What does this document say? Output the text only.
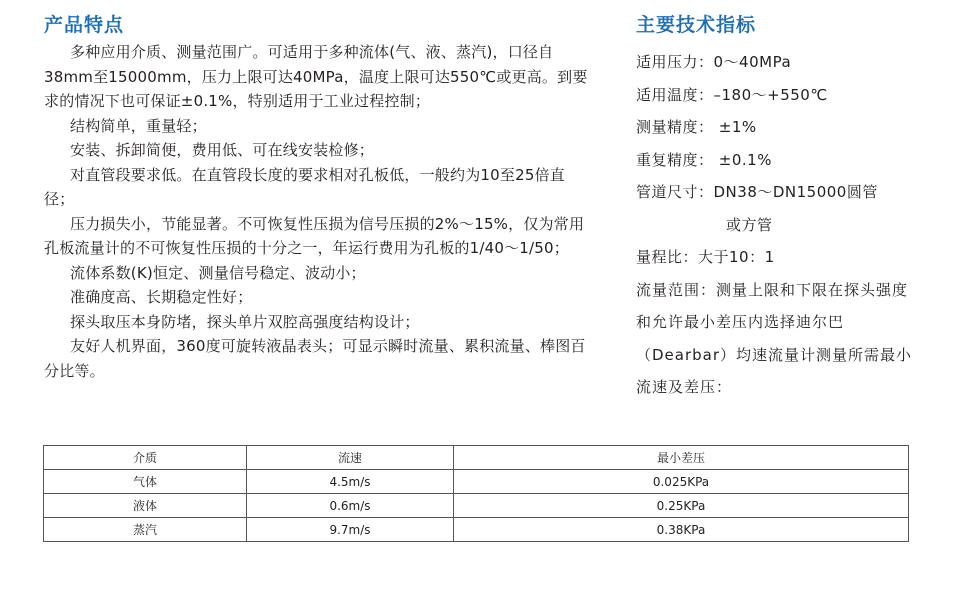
产品特点

多种应用介质、测量范围广。可适用于多种流体(气、液、蒸汽)，口径自38mm至15000mm，压力上限可达40MPa，温度上限可达550℃或更高。到要求的情况下也可保证±0.1%，特别适用于工业过程控制；

结构简单，重量轻；

安装、拆卸简便，费用低、可在线安装检修；

对直管段要求低。在直管段长度的要求相对孔板低，一般约为10至25倍直径；

压力损失小，节能显著。不可恢复性压损为信号压损的2%～15%，仅为常用孔板流量计的不可恢复性压损的十分之一，年运行费用为孔板的1/40～1/50；

流体系数(K)恒定、测量信号稳定、波动小；

准确度高、长期稳定性好；

探头取压本身防堵，探头单片双腔高强度结构设计；

友好人机界面，360度可旋转液晶表头；可显示瞬时流量、累积流量、棒图百分比等。

主要技术指标
适用压力：0～40MPa
适用温度：–180～+550℃
测量精度： ±1%
重复精度： ±0.1%
管道尺寸：DN38～DN15000圆管
或方管
量程比：大于10：1
流量范围：测量上限和下限在探头强度和允许最小差压内选择迪尔巴（Dearbar）均速流量计测量所需最小流速及差压：
介质	流速	最小差压
气体	4.5m/s	0.025KPa
液体	0.6m/s	0.25KPa
蒸汽	9.7m/s	0.38KPa
